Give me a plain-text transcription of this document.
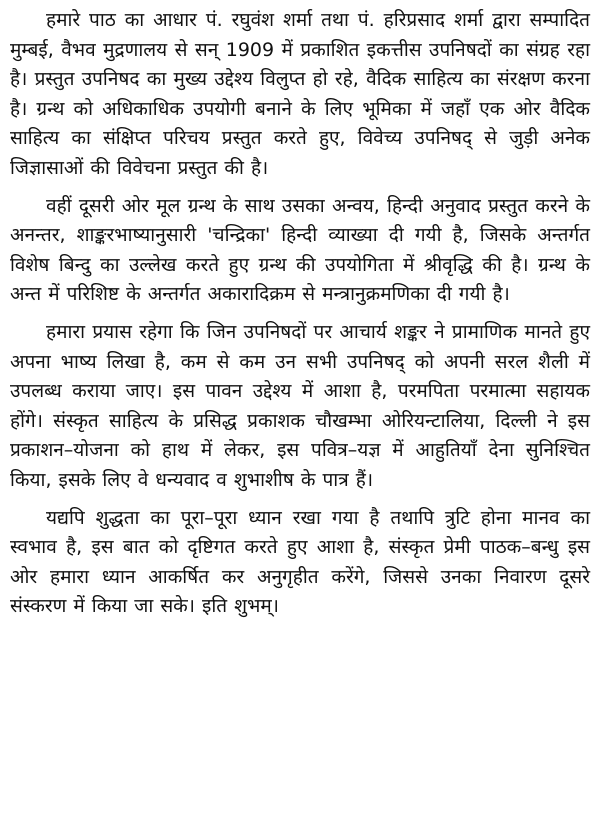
हमारे पाठ का आधार पं. रघुवंश शर्मा तथा पं. हरिप्रसाद शर्मा द्वारा सम्पादित मुम्बई, वैभव मुद्रणालय से सन् 1909 में प्रकाशित इकत्तीस उपनिषदों का संग्रह रहा है। प्रस्तुत उपनिषद का मुख्य उद्देश्य विलुप्त हो रहे, वैदिक साहित्य का संरक्षण करना है। ग्रन्थ को अधिकाधिक उपयोगी बनाने के लिए भूमिका में जहाँ एक ओर वैदिक साहित्य का संक्षिप्त परिचय प्रस्तुत करते हुए, विवेच्य उपनिषद् से जुड़ी अनेक जिज्ञासाओं की विवेचना प्रस्तुत की है।

वहीं दूसरी ओर मूल ग्रन्थ के साथ उसका अन्वय, हिन्दी अनुवाद प्रस्तुत करने के अनन्तर, शाङ्करभाष्यानुसारी 'चन्द्रिका' हिन्दी व्याख्या दी गयी है, जिसके अन्तर्गत विशेष बिन्दु का उल्लेख करते हुए ग्रन्थ की उपयोगिता में श्रीवृद्धि की है। ग्रन्थ के अन्त में परिशिष्ट के अन्तर्गत अकारादिक्रम से मन्त्रानुक्रमणिका दी गयी है।

हमारा प्रयास रहेगा कि जिन उपनिषदों पर आचार्य शङ्कर ने प्रामाणिक मानते हुए अपना भाष्य लिखा है, कम से कम उन सभी उपनिषद् को अपनी सरल शैली में उपलब्ध कराया जाए। इस पावन उद्देश्य में आशा है, परमपिता परमात्मा सहायक होंगे। संस्कृत साहित्य के प्रसिद्ध प्रकाशक चौखम्भा ओरियन्टालिया, दिल्ली ने इस प्रकाशन–योजना को हाथ में लेकर, इस पवित्र–यज्ञ में आहुतियाँ देना सुनिश्चित किया, इसके लिए वे धन्यवाद व शुभाशीष के पात्र हैं।

यद्यपि शुद्धता का पूरा–पूरा ध्यान रखा गया है तथापि त्रुटि होना मानव का स्वभाव है, इस बात को दृष्टिगत करते हुए आशा है, संस्कृत प्रेमी पाठक–बन्धु इस ओर हमारा ध्यान आकर्षित कर अनुगृहीत करेंगे, जिससे उनका निवारण दूसरे संस्करण में किया जा सके। इति शुभम्।
